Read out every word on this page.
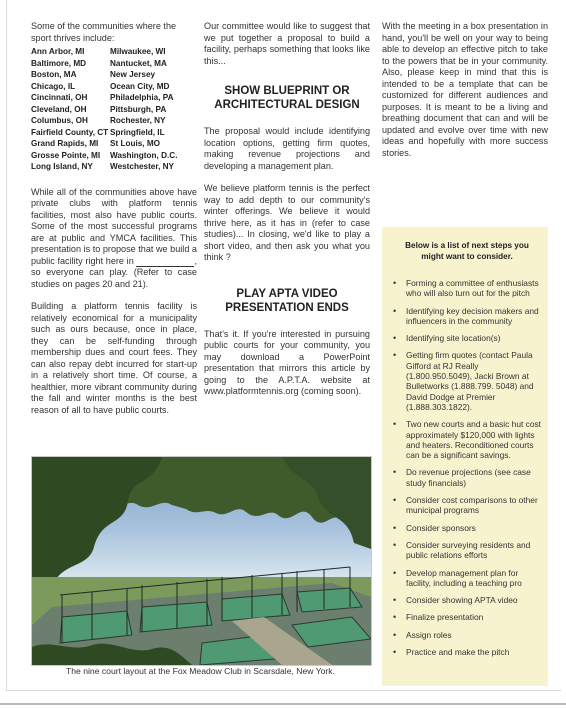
Some of the communities where the sport thrives include:

Ann Arbor, MI	Milwaukee, WI
Baltimore, MD	Nantucket, MA
Boston, MA	New Jersey
Chicago, IL	Ocean City, MD
Cincinnati, OH	Philadelphia, PA
Cleveland, OH	Pittsburgh, PA
Columbus, OH	Rochester, NY
Fairfield County, CT Springfield, IL
Grand Rapids, MI	St Louis, MO
Grosse Pointe, MI	Washington, D.C.
Long Island, NY	Westchester, NY

While all of the communities above have private clubs with platform tennis facilities, most also have public courts. Some of the most successful programs are at public and YMCA facilities. This presentation is to propose that we build a public facility right here in	, so everyone can play. (Refer to case studies on pages 20 and 21).

Building a platform tennis facility is relatively economical for a municipality such as ours because, once in place, they can be self-funding through membership dues and court fees. They can also repay debt incurred for start-up in a relatively short time. Of course, a healthier, more vibrant community during the fall and winter months is the best reason of all to have public courts.

Our committee would like to suggest that we put together a proposal to build a facility, perhaps something that looks like this...

SHOW BLUEPRINT OR ARCHITECTURAL DESIGN

The proposal would include identifying location options, getting firm quotes, making revenue projections and developing a management plan.

We believe platform tennis is the perfect way to add depth to our community's winter offerings. We believe it would thrive here, as it has in (refer to case studies)... In closing, we'd like to play a short video, and then ask you what you think ?

PLAY APTA VIDEO PRESENTATION ENDS

That's it. If you're interested in pursuing public courts for your community, you may download a PowerPoint presentation that mirrors this article by going to the A.P.T.A. website at www.platformtennis.org (coming soon).

With the meeting in a box presentation in hand, you'll be well on your way to being able to develop an effective pitch to take to the powers that be in your community. Also, please keep in mind that this is intended to be a template that can be customized for different audiences and purposes. It is meant to be a living and breathing document that can and will be updated and evolve over time with new ideas and hopefully with more success stories.

Below is a list of next steps you might want to consider.
• Forming a committee of enthusiasts who will also turn out for the pitch
• Identifying key decision makers and influencers in the community
• Identifying site location(s)
• Getting firm quotes (contact Paula Gifford at RJ Really (1.800.950.5049), Jacki Brown at Bulletworks (1.888.799. 5048) and David Dodge at Premier (1.888.303.1822).
• Two new courts and a basic hut cost approximately $120,000 with lights and heaters. Reconditioned courts can be a significant savings.
• Do revenue projections (see case study financials)
• Consider cost comparisons to other municipal programs
• Consider sponsors
• Consider surveying residents and public relations efforts
• Develop management plan for facility, including a teaching pro
• Consider showing APTA video
• Finalize presentation
• Assign roles
• Practice and make the pitch
The nine court layout at the Fox Meadow Club in Scarsdale, New York.
